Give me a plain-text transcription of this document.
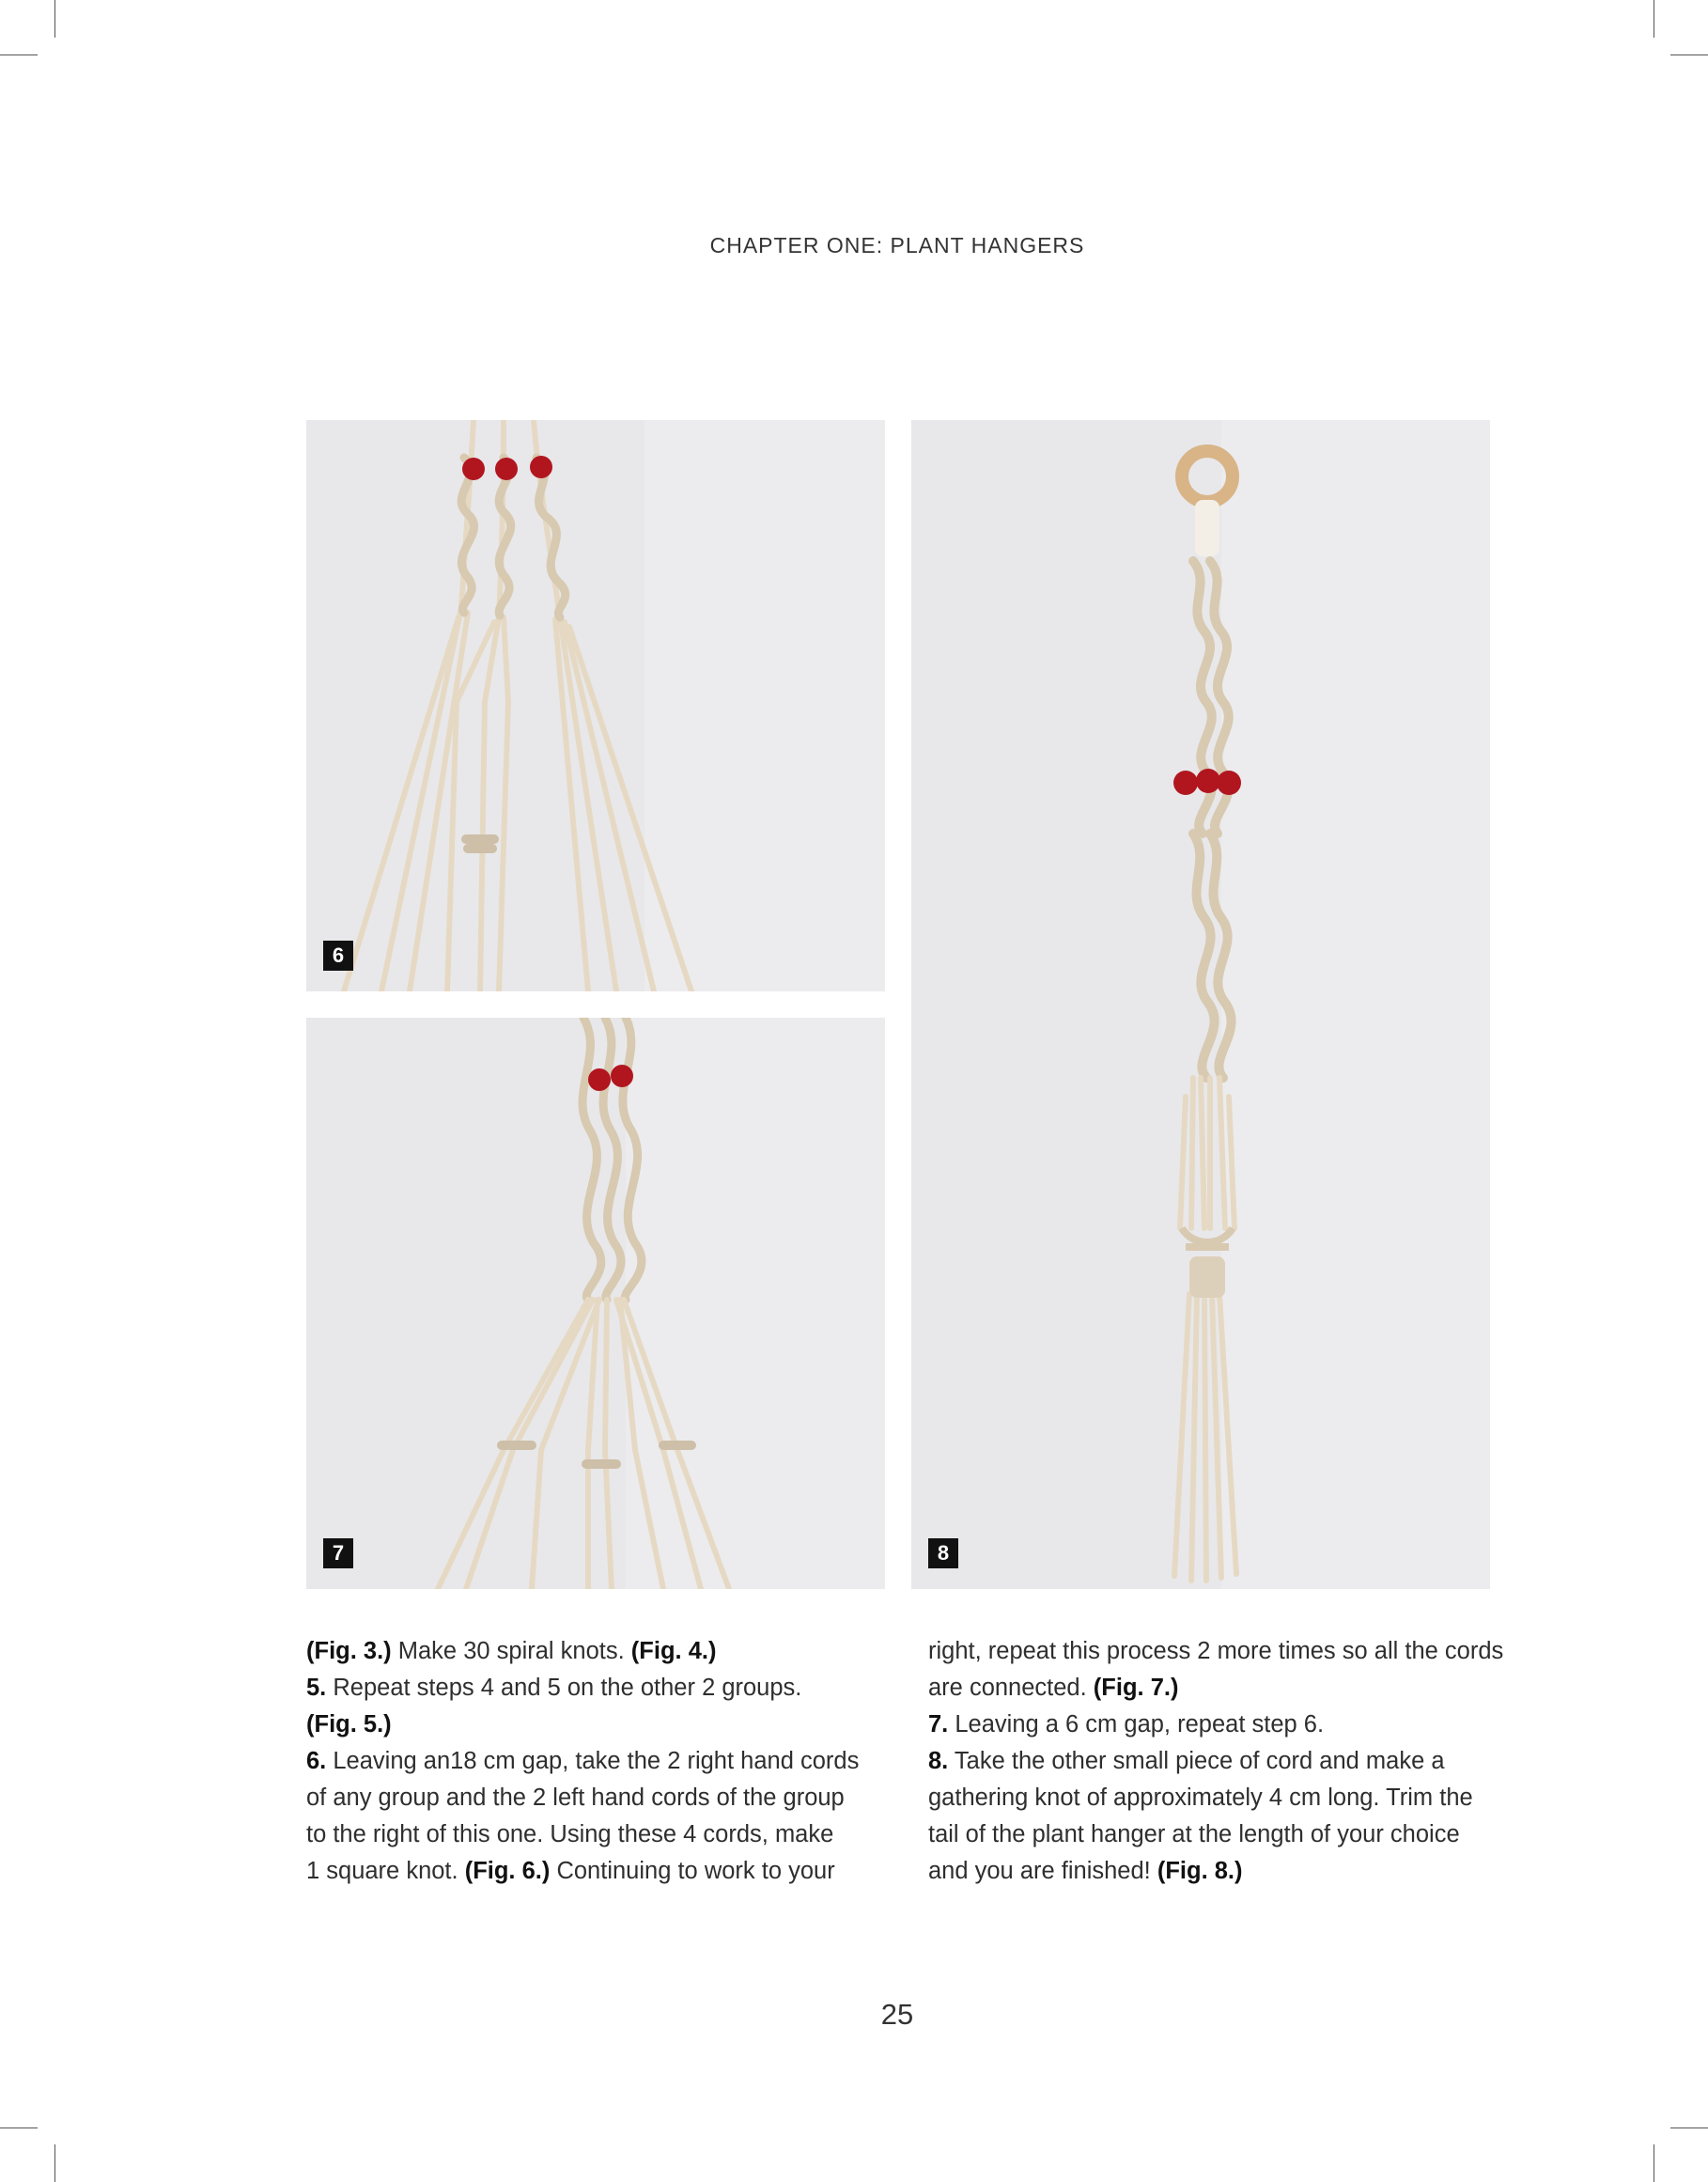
CHAPTER ONE: PLANT HANGERS
6
7	8

(Fig. 3.) Make 30 spiral knots. (Fig. 4.)

5. Repeat steps 4 and 5 on the other 2 groups.

(Fig. 5.)

6. Leaving an18 cm gap, take the 2 right hand cords

of any group and the 2 left hand cords of the group

to the right of this one. Using these 4 cords, make

1 square knot. (Fig. 6.) Continuing to work to your

right, repeat this process 2 more times so all the cords

are connected. (Fig. 7.)

7. Leaving a 6 cm gap, repeat step 6.

8. Take the other small piece of cord and make a

gathering knot of approximately 4 cm long. Trim the

tail of the plant hanger at the length of your choice

and you are finished! (Fig. 8.)

25
